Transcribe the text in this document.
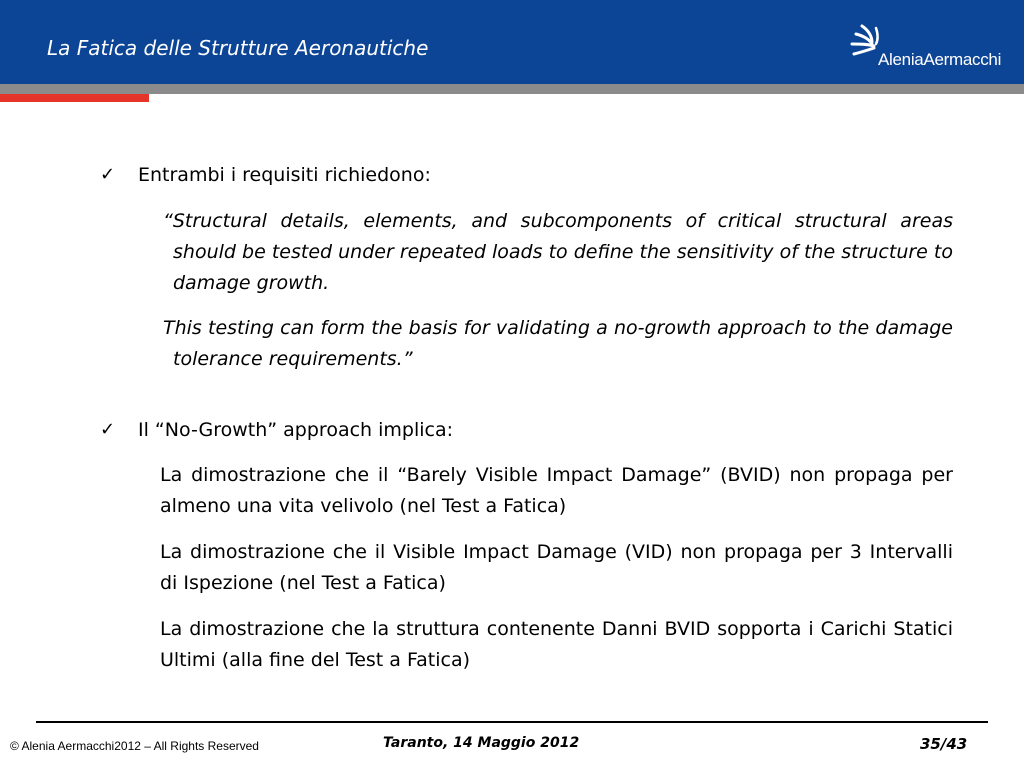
La Fatica delle Strutture Aeronautiche	AleniaAermacchi
✓ Entrambi i requisiti richiedono:
“Structural details, elements, and subcomponents of critical structural areas should be tested under repeated loads to define the sensitivity of the structure to damage growth.
This testing can form the basis for validating a no-growth approach to the damage tolerance requirements.”
✓ Il “No-Growth” approach implica:
La dimostrazione che il “Barely Visible Impact Damage” (BVID) non propaga per almeno una vita velivolo (nel Test a Fatica)
La dimostrazione che il Visible Impact Damage (VID) non propaga per 3 Intervalli di Ispezione (nel Test a Fatica)
La dimostrazione che la struttura contenente Danni BVID sopporta i Carichi Statici Ultimi (alla fine del Test a Fatica)
© Alenia Aermacchi2012 – All Rights Reserved	Taranto, 14 Maggio 2012	35/43
